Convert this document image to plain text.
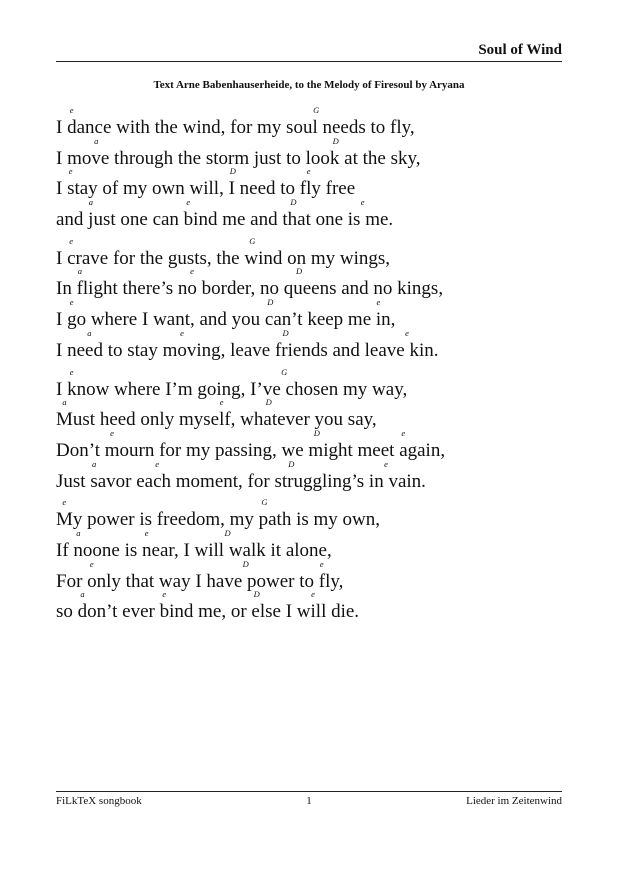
Soul of Wind
Text Arne Babenhauserheide, to the Melody of Firesoul by Aryana
I dance with the wind, for my soul needs to fly,
e	G
I move through the storm just to look at the sky,
a	D
I stay of my own will, I need to fly free
e	D	e
and just one can bind me and that one is me.
a	e	D	e
I crave for the gusts, the wind on my wings,
e	G
In flight there’s no border, no queens and no kings,
a	e	D
I go where I want, and you can’t keep me in,
e	D	e
I need to stay moving, leave friends and leave kin.
a	e	D	e
I know where I’m going, I’ve chosen my way,
e	G
Must heed only myself, whatever you say,
a	e	D
Don’t mourn for my passing, we might meet again,
e	D	e
Just savor each moment, for struggling’s in vain.
a	e	D	e
My power is freedom, my path is my own,
e	G
If noone is near, I will walk it alone,
a	e	D
For only that way I have power to fly,
e	D	e
so don’t ever bind me, or else I will die.
a	e	D	e
FiLkTeX songbook	1	Lieder im Zeitenwind
